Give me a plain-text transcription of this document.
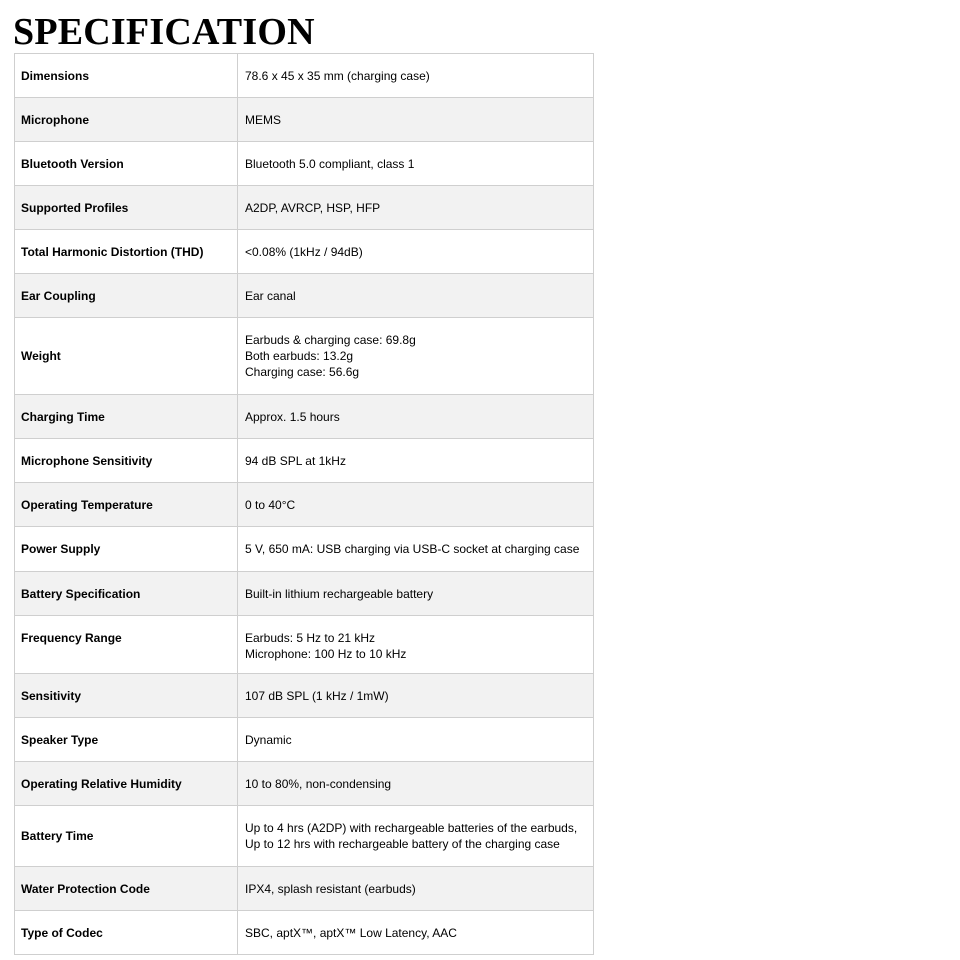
SPECIFICATION
Dimensions	78.6 x 45 x 35 mm (charging case)

Microphone	MEMS

Bluetooth Version	Bluetooth 5.0 compliant, class 1

Supported Profiles	A2DP, AVRCP, HSP, HFP

Total Harmonic Distortion (THD)	<0.08% (1kHz / 94dB)

Ear Coupling	Ear canal

Weight	Earbuds & charging case: 69.8g
Both earbuds: 13.2g
Charging case: 56.6g

Charging Time	Approx. 1.5 hours

Microphone Sensitivity	94 dB SPL at 1kHz

Operating Temperature	0 to 40°C

Power Supply	5 V, 650 mA: USB charging via USB-C socket at charging case

Battery Specification	Built-in lithium rechargeable battery

Frequency Range	Earbuds: 5 Hz to 21 kHz
Microphone: 100 Hz to 10 kHz

Sensitivity	107 dB SPL (1 kHz / 1mW)

Speaker Type	Dynamic

Operating Relative Humidity	10 to 80%, non-condensing

Battery Time	Up to 4 hrs (A2DP) with rechargeable batteries of the earbuds,
Up to 12 hrs with rechargeable battery of the charging case

Water Protection Code	IPX4, splash resistant (earbuds)

Type of Codec	SBC, aptX™, aptX™ Low Latency, AAC
